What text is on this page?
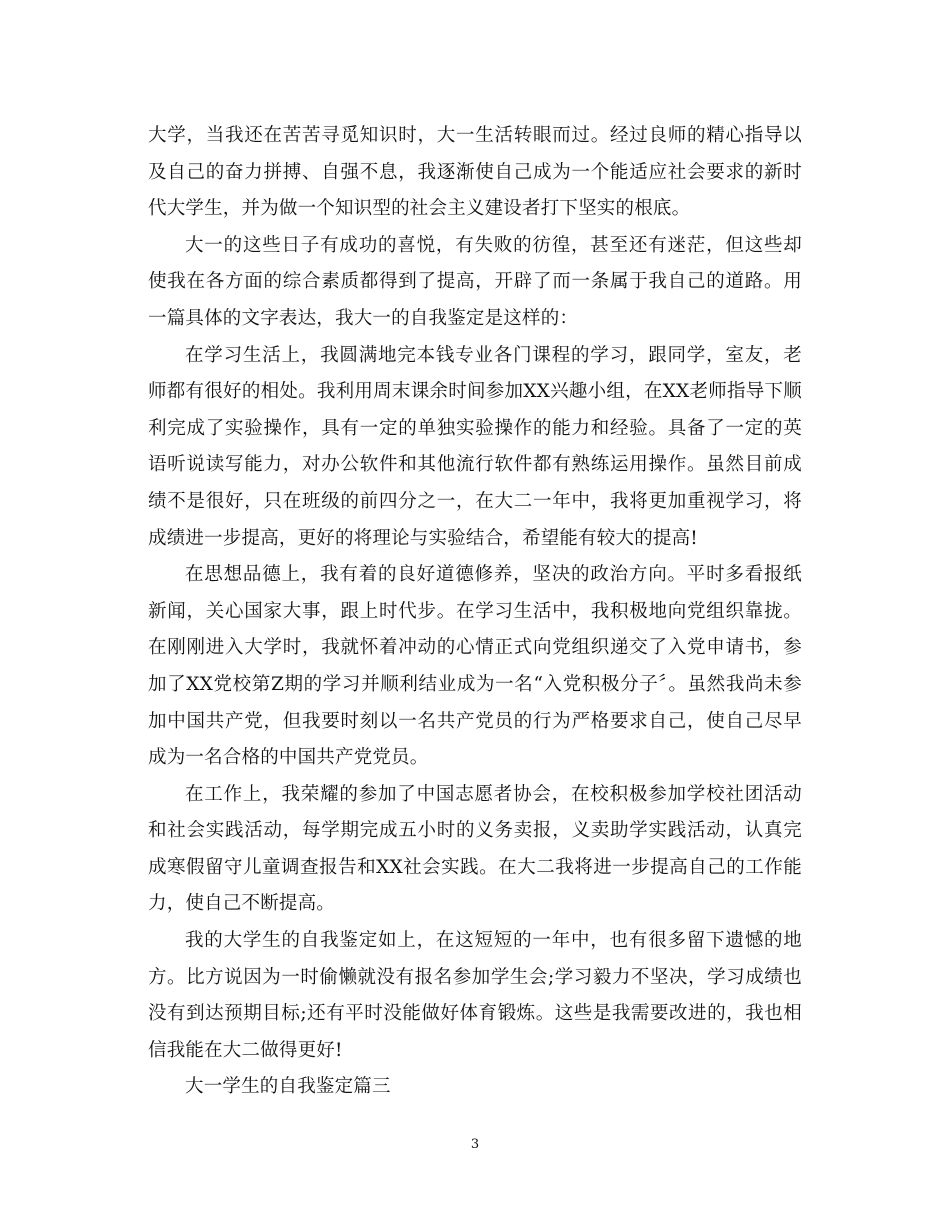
大学，当我还在苦苦寻觅知识时，大一生活转眼而过。经过良师的精心指导以及自己的奋力拼搏、自强不息，我逐渐使自己成为一个能适应社会要求的新时代大学生，并为做一个知识型的社会主义建设者打下坚实的根底。

大一的这些日子有成功的喜悦，有失败的彷徨，甚至还有迷茫，但这些却使我在各方面的综合素质都得到了提高，开辟了而一条属于我自己的道路。用一篇具体的文字表达，我大一的自我鉴定是这样的：

在学习生活上，我圆满地完本钱专业各门课程的学习，跟同学，室友，老师都有很好的相处。我利用周末课余时间参加XX兴趣小组，在XX老师指导下顺利完成了实验操作，具有一定的单独实验操作的能力和经验。具备了一定的英语听说读写能力，对办公软件和其他流行软件都有熟练运用操作。虽然目前成绩不是很好，只在班级的前四分之一，在大二一年中，我将更加重视学习，将成绩进一步提高，更好的将理论与实验结合，希望能有较大的提高!

在思想品德上，我有着的良好道德修养，坚决的政治方向。平时多看报纸新闻，关心国家大事，跟上时代步。在学习生活中，我积极地向党组织靠拢。在刚刚进入大学时，我就怀着冲动的心情正式向党组织递交了入党申请书，参加了XX党校第Z期的学习并顺利结业成为一名“入党积极分子〞。虽然我尚未参加中国共产党，但我要时刻以一名共产党员的行为严格要求自己，使自己尽早成为一名合格的中国共产党党员。

在工作上，我荣耀的参加了中国志愿者协会，在校积极参加学校社团活动和社会实践活动，每学期完成五小时的义务卖报，义卖助学实践活动，认真完成寒假留守儿童调查报告和XX社会实践。在大二我将进一步提高自己的工作能力，使自己不断提高。

我的大学生的自我鉴定如上，在这短短的一年中，也有很多留下遗憾的地方。比方说因为一时偷懒就没有报名参加学生会;学习毅力不坚决，学习成绩也没有到达预期目标;还有平时没能做好体育锻炼。这些是我需要改进的，我也相信我能在大二做得更好!

大一学生的自我鉴定篇三

3
